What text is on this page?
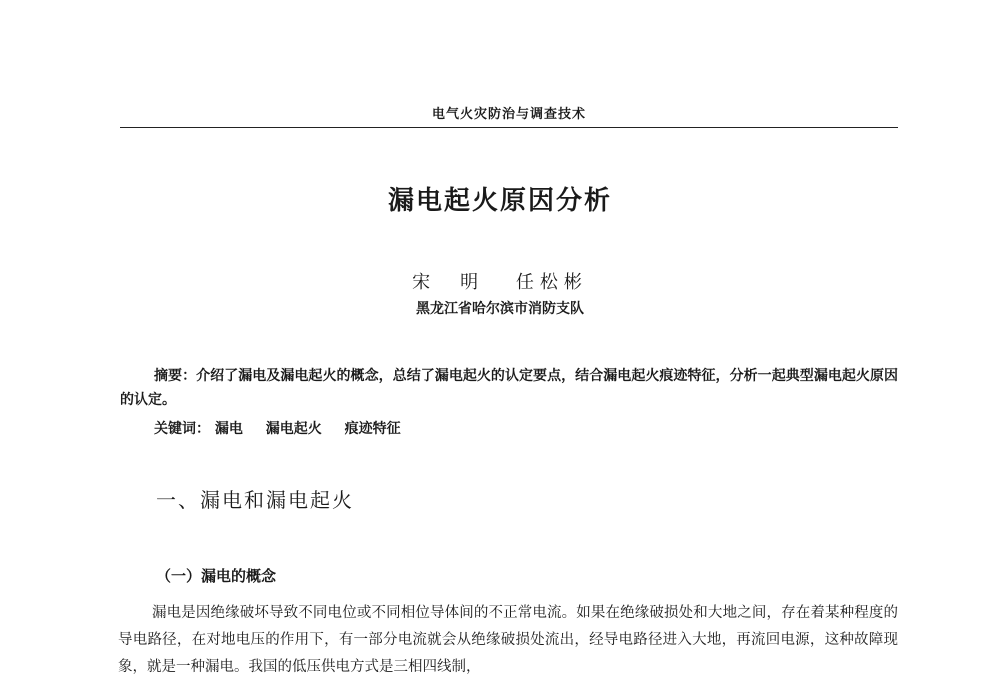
电气火灾防治与调查技术
漏电起火原因分析
宋　明 任松彬
黑龙江省哈尔滨市消防支队
摘要：介绍了漏电及漏电起火的概念，总结了漏电起火的认定要点，结合漏电起火痕迹特征，分析一起典型漏电起火原因的认定。
关键词： 漏电 漏电起火 痕迹特征
一、漏电和漏电起火
（一）漏电的概念
漏电是因绝缘破坏导致不同电位或不同相位导体间的不正常电流。如果在绝缘破损处和大地之间，存在着某种程度的导电路径，在对地电压的作用下，有一部分电流就会从绝缘破损处流出，经导电路径进入大地，再流回电源，这种故障现象，就是一种漏电。我国的低压供电方式是三相四线制，
